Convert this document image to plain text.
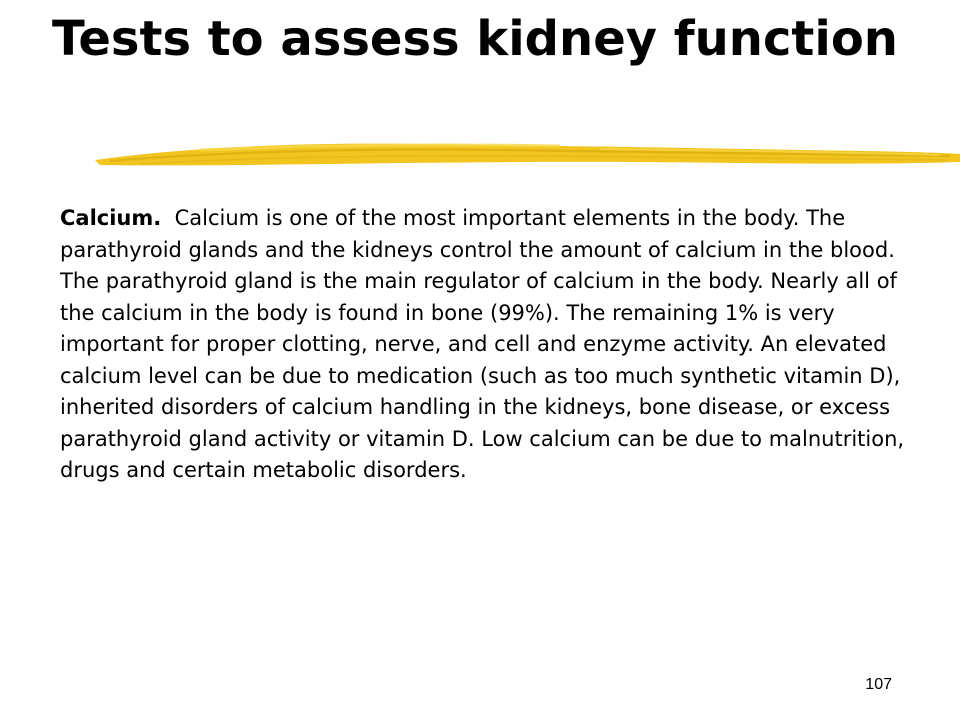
Tests to assess kidney function

Calcium. Calcium is one of the most important elements in the body. The parathyroid glands and the kidneys control the amount of calcium in the blood. The parathyroid gland is the main regulator of calcium in the body. Nearly all of the calcium in the body is found in bone (99%). The remaining 1% is very important for proper clotting, nerve, and cell and enzyme activity. An elevated calcium level can be due to medication (such as too much synthetic vitamin D), inherited disorders of calcium handling in the kidneys, bone disease, or excess parathyroid gland activity or vitamin D. Low calcium can be due to malnutrition, drugs and certain metabolic disorders.

107
